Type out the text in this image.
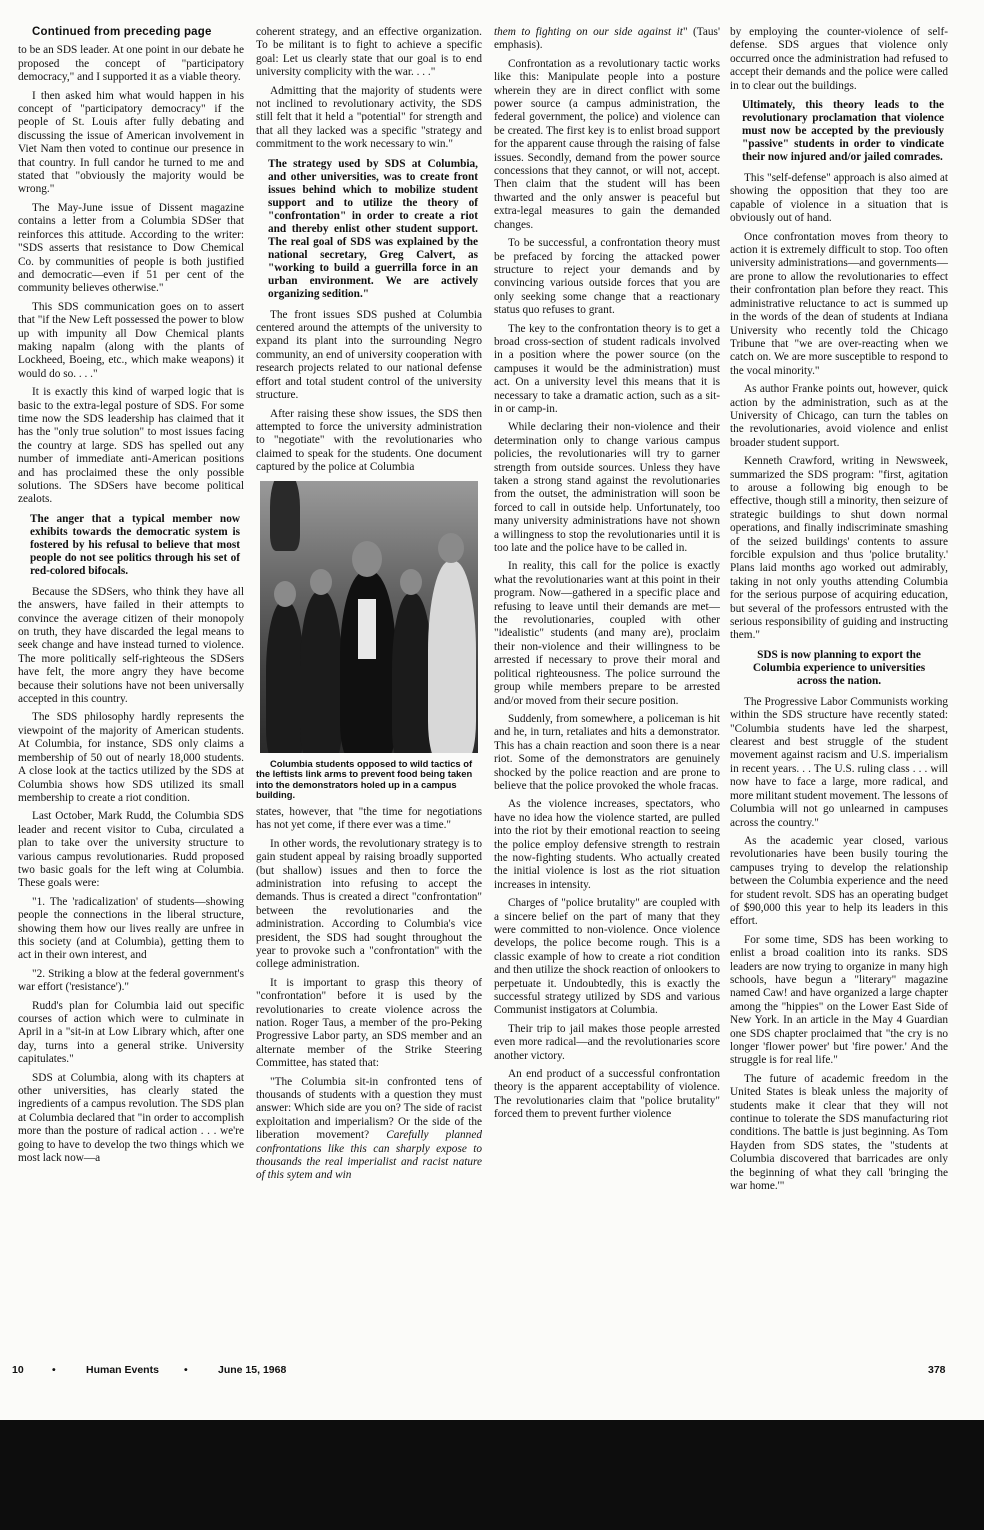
Continued from preceding page

to be an SDS leader. At one point in our debate he proposed the concept of "participatory democracy," and I supported it as a viable theory.

I then asked him what would happen in his concept of "participatory democracy" if the people of St. Louis after fully debating and discussing the issue of American involvement in Viet Nam then voted to continue our presence in that country. In full candor he turned to me and stated that "obviously the majority would be wrong."

The May-June issue of Dissent magazine contains a letter from a Columbia SDSer that reinforces this attitude. According to the writer: "SDS asserts that resistance to Dow Chemical Co. by communities of people is both justified and democratic—even if 51 per cent of the community believes otherwise."

This SDS communication goes on to assert that "if the New Left possessed the power to blow up with impunity all Dow Chemical plants making napalm (along with the plants of Lockheed, Boeing, etc., which make weapons) it would do so. . . ."

It is exactly this kind of warped logic that is basic to the extra-legal posture of SDS. For some time now the SDS leadership has claimed that it has the "only true solution" to most issues facing the country at large. SDS has spelled out any number of immediate anti-American positions and has proclaimed these the only possible solutions. The SDSers have become political zealots.

The anger that a typical member now exhibits towards the democratic system is fostered by his refusal to believe that most people do not see politics through his set of red-colored bifocals.

Because the SDSers, who think they have all the answers, have failed in their attempts to convince the average citizen of their monopoly on truth, they have discarded the legal means to seek change and have instead turned to violence. The more politically self-righteous the SDSers have felt, the more angry they have become because their solutions have not been universally accepted in this country.

The SDS philosophy hardly represents the viewpoint of the majority of American students. At Columbia, for instance, SDS only claims a membership of 50 out of nearly 18,000 students. A close look at the tactics utilized by the SDS at Columbia shows how SDS utilized its small membership to create a riot condition.

Last October, Mark Rudd, the Columbia SDS leader and recent visitor to Cuba, circulated a plan to take over the university structure to various campus revolutionaries. Rudd proposed two basic goals for the left wing at Columbia. These goals were:

"1. The 'radicalization' of students—showing people the connections in the liberal structure, showing them how our lives really are unfree in this society (and at Columbia), getting them to act in their own interest, and

"2. Striking a blow at the federal government's war effort ('resistance')."

Rudd's plan for Columbia laid out specific courses of action which were to culminate in April in a "sit-in at Low Library which, after one day, turns into a general strike. University capitulates."

SDS at Columbia, along with its chapters at other universities, has clearly stated the ingredients of a campus revolution. The SDS plan at Columbia declared that "in order to accomplish more than the posture of radical action . . . we're going to have to develop the two things which we most lack now—a

coherent strategy, and an effective organization. To be militant is to fight to achieve a specific goal: Let us clearly state that our goal is to end university complicity with the war. . . ."

Admitting that the majority of students were not inclined to revolutionary activity, the SDS still felt that it held a "potential" for strength and that all they lacked was a specific "strategy and commitment to the work necessary to win."

The strategy used by SDS at Columbia, and other universities, was to create front issues behind which to mobilize student support and to utilize the theory of "confrontation" in order to create a riot and thereby enlist other student support. The real goal of SDS was explained by the national secretary, Greg Calvert, as "working to build a guerrilla force in an urban environment. We are actively organizing sedition."

The front issues SDS pushed at Columbia centered around the attempts of the university to expand its plant into the surrounding Negro community, an end of university cooperation with research projects related to our national defense effort and total student control of the university structure.

After raising these show issues, the SDS then attempted to force the university administration to "negotiate" with the revolutionaries who claimed to speak for the students. One document captured by the police at Columbia

Columbia students opposed to wild tactics of the leftists link arms to prevent food being taken into the demonstrators holed up in a campus building.

states, however, that "the time for negotiations has not yet come, if there ever was a time."

In other words, the revolutionary strategy is to gain student appeal by raising broadly supported (but shallow) issues and then to force the administration into refusing to accept the demands. Thus is created a direct "confrontation" between the revolutionaries and the administration. According to Columbia's vice president, the SDS had sought throughout the year to provoke such a "confrontation" with the college administration.

It is important to grasp this theory of "confrontation" before it is used by the revolutionaries to create violence across the nation. Roger Taus, a member of the pro-Peking Progressive Labor party, an SDS member and an alternate member of the Strike Steering Committee, has stated that:

"The Columbia sit-in confronted tens of thousands of students with a question they must answer: Which side are you on? The side of racist exploitation and imperialism? Or the side of the liberation movement? Carefully planned confrontations like this can sharply expose to thousands the real imperialist and racist nature of this sytem and win

them to fighting on our side against it" (Taus' emphasis).

Confrontation as a revolutionary tactic works like this: Manipulate people into a posture wherein they are in direct conflict with some power source (a campus administration, the federal government, the police) and violence can be created. The first key is to enlist broad support for the apparent cause through the raising of false issues. Secondly, demand from the power source concessions that they cannot, or will not, accept. Then claim that the student will has been thwarted and the only answer is peaceful but extra-legal measures to gain the demanded changes.

To be successful, a confrontation theory must be prefaced by forcing the attacked power structure to reject your demands and by convincing various outside forces that you are only seeking some change that a reactionary status quo refuses to grant.

The key to the confrontation theory is to get a broad cross-section of student radicals involved in a position where the power source (on the campuses it would be the administration) must act. On a university level this means that it is necessary to take a dramatic action, such as a sit-in or camp-in.

While declaring their non-violence and their determination only to change various campus policies, the revolutionaries will try to garner strength from outside sources. Unless they have taken a strong stand against the revolutionaries from the outset, the administration will soon be forced to call in outside help. Unfortunately, too many university administrations have not shown a willingness to stop the revolutionaries until it is too late and the police have to be called in.

In reality, this call for the police is exactly what the revolutionaries want at this point in their program. Now—gathered in a specific place and refusing to leave until their demands are met—the revolutionaries, coupled with other "idealistic" students (and many are), proclaim their non-violence and their willingness to be arrested if necessary to prove their moral and political righteousness. The police surround the group while members prepare to be arrested and/or moved from their secure position.

Suddenly, from somewhere, a policeman is hit and he, in turn, retaliates and hits a demonstrator. This has a chain reaction and soon there is a near riot. Some of the demonstrators are genuinely shocked by the police reaction and are prone to believe that the police provoked the whole fracas.

As the violence increases, spectators, who have no idea how the violence started, are pulled into the riot by their emotional reaction to seeing the police employ defensive strength to restrain the now-fighting students. Who actually created the initial violence is lost as the riot situation increases in intensity.

Charges of "police brutality" are coupled with a sincere belief on the part of many that they were committed to non-violence. Once violence develops, the police become rough. This is a classic example of how to create a riot condition and then utilize the shock reaction of onlookers to perpetuate it. Undoubtedly, this is exactly the successful strategy utilized by SDS and various Communist instigators at Columbia.

Their trip to jail makes those people arrested even more radical—and the revolutionaries score another victory.

An end product of a successful confrontation theory is the apparent acceptability of violence. The revolutionaries claim that "police brutality" forced them to prevent further violence

by employing the counter-violence of self-defense. SDS argues that violence only occurred once the administration had refused to accept their demands and the police were called in to clear out the buildings.

Ultimately, this theory leads to the revolutionary proclamation that violence must now be accepted by the previously "passive" students in order to vindicate their now injured and/or jailed comrades.

This "self-defense" approach is also aimed at showing the opposition that they too are capable of violence in a situation that is obviously out of hand.

Once confrontation moves from theory to action it is extremely difficult to stop. Too often university administrations—and governments—are prone to allow the revolutionaries to effect their confrontation plan before they react. This administrative reluctance to act is summed up in the words of the dean of students at Indiana University who recently told the Chicago Tribune that "we are over-reacting when we catch on. We are more susceptible to respond to the vocal minority."

As author Franke points out, however, quick action by the administration, such as at the University of Chicago, can turn the tables on the revolutionaries, avoid violence and enlist broader student support.

Kenneth Crawford, writing in Newsweek, summarized the SDS program: "first, agitation to arouse a following big enough to be effective, though still a minority, then seizure of strategic buildings to shut down normal operations, and finally indiscriminate smashing of the seized buildings' contents to assure forcible expulsion and thus 'police brutality.' Plans laid months ago worked out admirably, taking in not only youths attending Columbia for the serious purpose of acquiring education, but several of the professors entrusted with the serious responsibility of guiding and instructing them."

SDS is now planning to export the Columbia experience to universities across the nation.

The Progressive Labor Communists working within the SDS structure have recently stated: "Columbia students have led the sharpest, clearest and best struggle of the student movement against racism and U.S. imperialism in recent years. . . The U.S. ruling class . . . will now have to face a large, more radical, and more militant student movement. The lessons of Columbia will not go unlearned in campuses across the country."

As the academic year closed, various revolutionaries have been busily touring the campuses trying to develop the relationship between the Columbia experience and the need for student revolt. SDS has an operating budget of $90,000 this year to help its leaders in this effort.

For some time, SDS has been working to enlist a broad coalition into its ranks. SDS leaders are now trying to organize in many high schools, have begun a "literary" magazine named Caw! and have organized a large chapter among the "hippies" on the Lower East Side of New York. In an article in the May 4 Guardian one SDS chapter proclaimed that "the cry is no longer 'flower power' but 'fire power.' And the struggle is for real life."

The future of academic freedom in the United States is bleak unless the majority of students make it clear that they will not continue to tolerate the SDS manufacturing riot conditions. The battle is just beginning. As Tom Hayden from SDS states, the "students at Columbia discovered that barricades are only the beginning of what they call 'bringing the war home.'"

10	•	Human Events •	June 15, 1968	378
